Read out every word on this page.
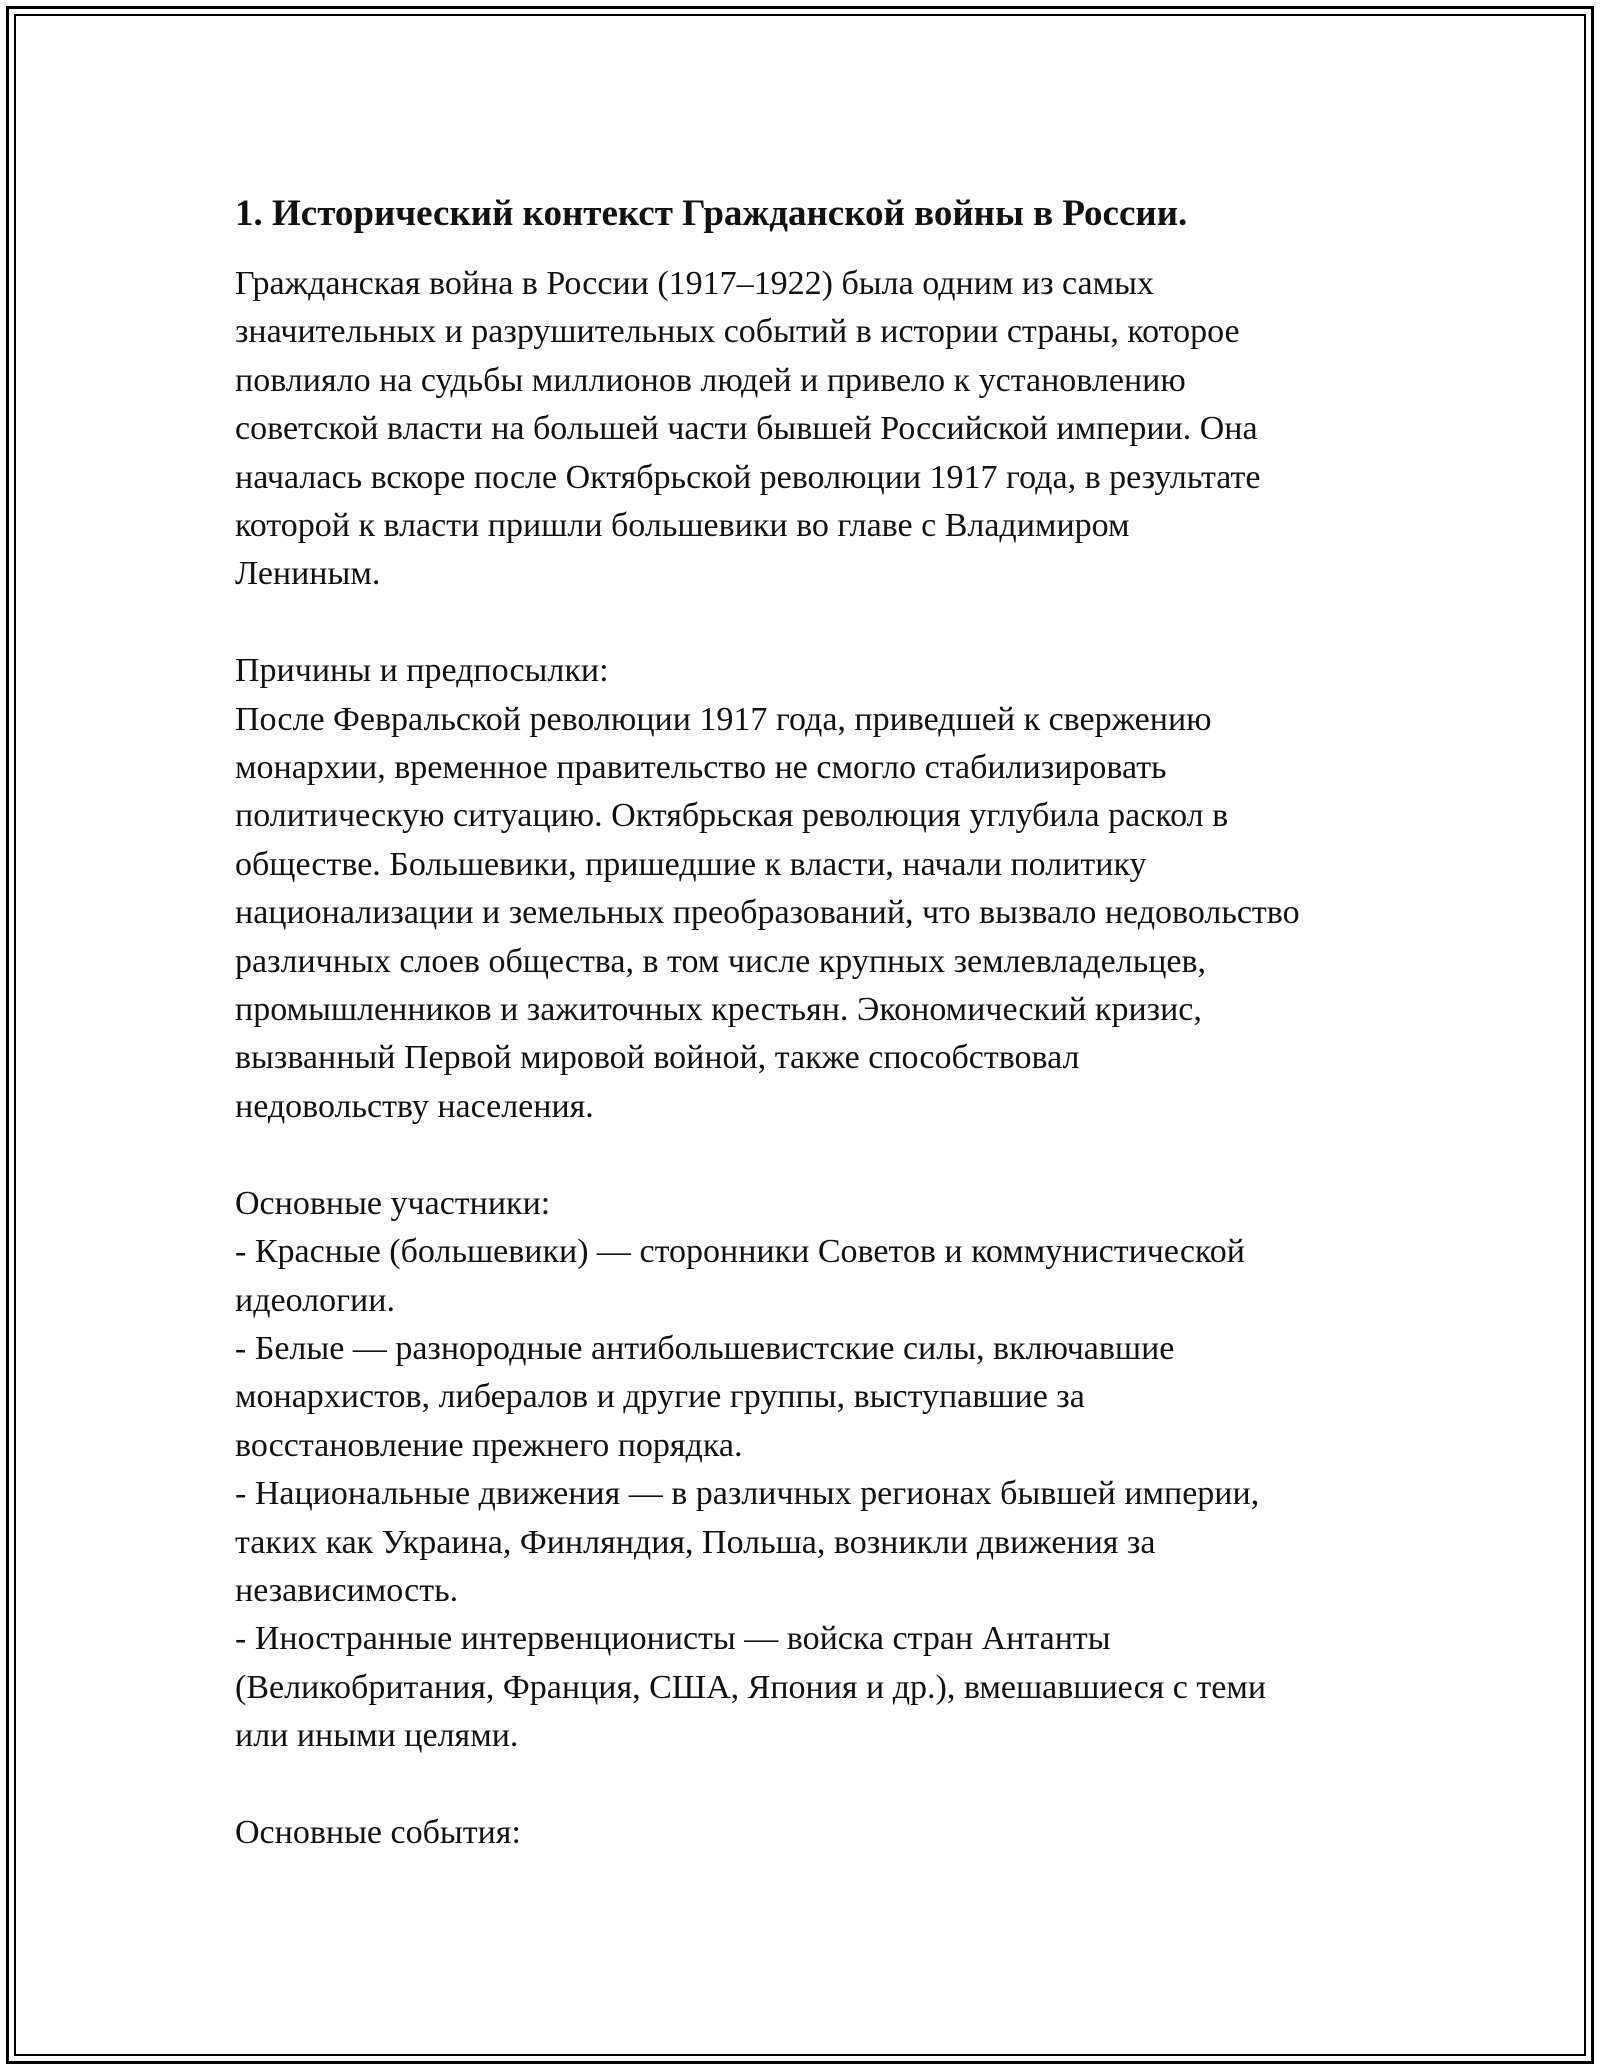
1. Исторический контекст Гражданской войны в России.
Гражданская война в России (1917–1922) была одним из самых
значительных и разрушительных событий в истории страны, которое
повлияло на судьбы миллионов людей и привело к установлению
советской власти на большей части бывшей Российской империи. Она
началась вскоре после Октябрьской революции 1917 года, в результате
которой к власти пришли большевики во главе с Владимиром
Лениным.
Причины и предпосылки:
После Февральской революции 1917 года, приведшей к свержению
монархии, временное правительство не смогло стабилизировать
политическую ситуацию. Октябрьская революция углубила раскол в
обществе. Большевики, пришедшие к власти, начали политику
национализации и земельных преобразований, что вызвало недовольство
различных слоев общества, в том числе крупных землевладельцев,
промышленников и зажиточных крестьян. Экономический кризис,
вызванный Первой мировой войной, также способствовал
недовольству населения.
Основные участники:
- Красные (большевики) — сторонники Советов и коммунистической
идеологии.
- Белые — разнородные антибольшевистские силы, включавшие
монархистов, либералов и другие группы, выступавшие за
восстановление прежнего порядка.
- Национальные движения — в различных регионах бывшей империи,
таких как Украина, Финляндия, Польша, возникли движения за
независимость.
- Иностранные интервенционисты — войска стран Антанты
(Великобритания, Франция, США, Япония и др.), вмешавшиеся с теми
или иными целями.
Основные события:
